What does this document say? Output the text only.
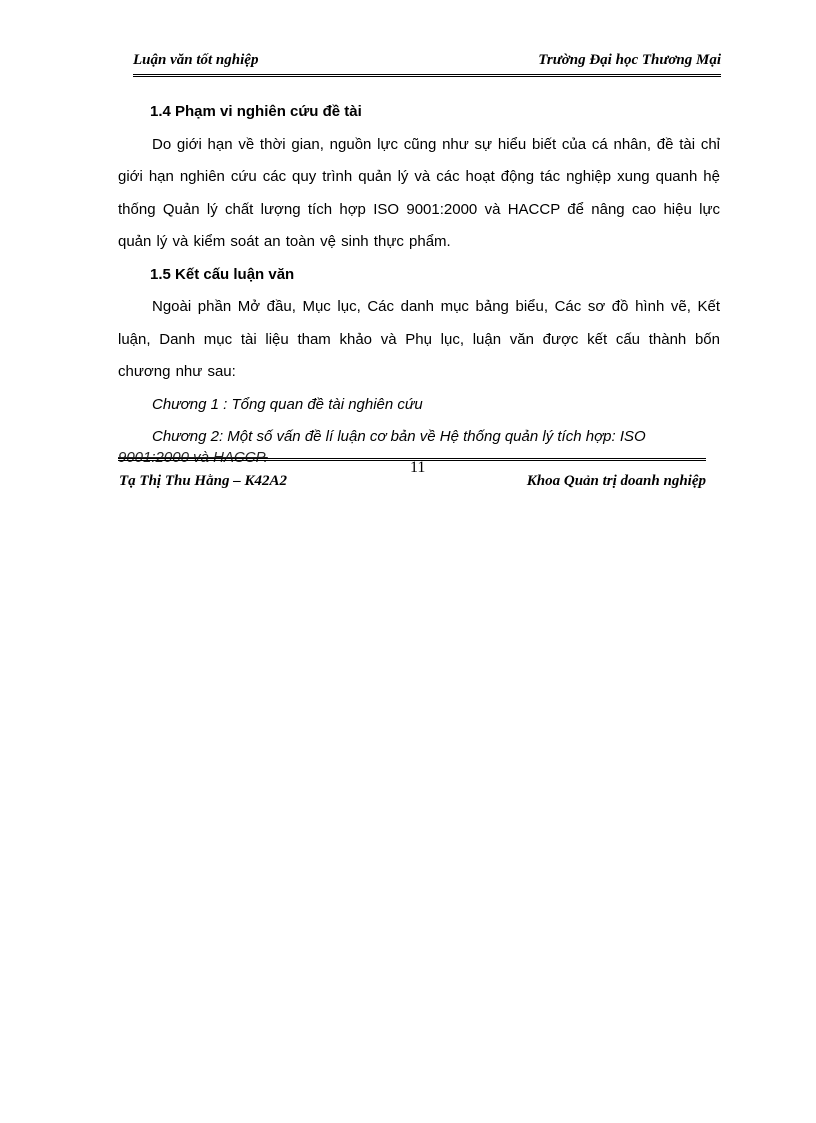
Luận văn tốt nghiệp	Trường Đại học Thương Mại
1.4 Phạm vi nghiên cứu đề tài
Do giới hạn về thời gian, nguồn lực cũng như sự hiểu biết của cá nhân, đề tài chỉ giới hạn nghiên cứu các quy trình quản lý và các hoạt động tác nghiệp xung quanh hệ thống Quản lý chất lượng tích hợp ISO 9001:2000 và HACCP để nâng cao hiệu lực quản lý và kiểm soát an toàn vệ sinh thực phẩm.
1.5 Kết cấu luận văn
Ngoài phần Mở đầu, Mục lục, Các danh mục bảng biểu, Các sơ đồ hình vẽ, Kết luận, Danh mục tài liệu tham khảo và Phụ lục, luận văn được kết cấu thành bốn chương như sau:
Chương 1 : Tổng quan đề tài nghiên cứu
Chương 2: Một số vấn đề lí luận cơ bản về Hệ thống quản lý tích hợp: ISO
9001:2000 và HACCP.
11
Tạ Thị Thu Hằng – K42A2	Khoa Quản trị doanh nghiệp
